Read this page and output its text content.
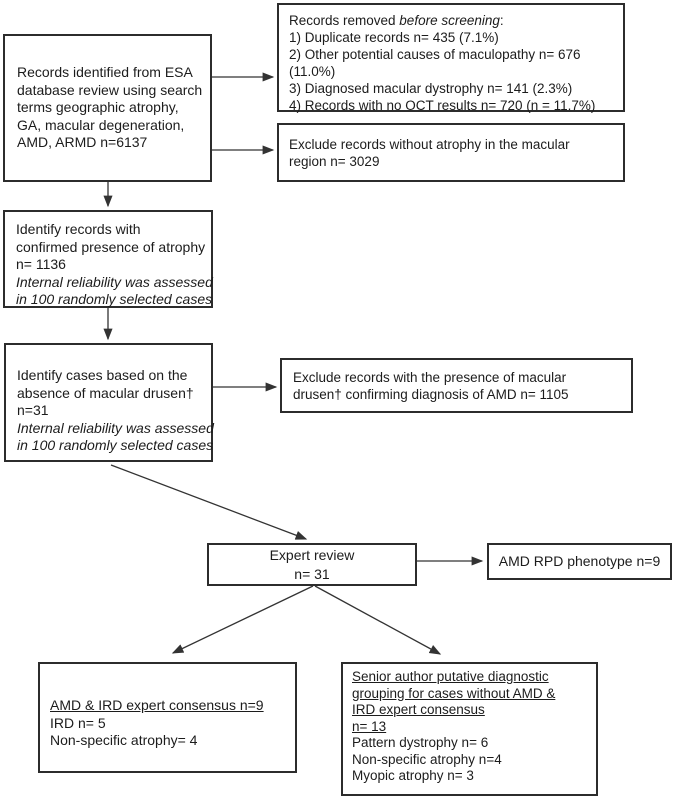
Records identified from ESA
database review using search
terms geographic atrophy,
GA, macular degeneration,
AMD, ARMD n=6137
Records removed before screening:
1) Duplicate records n= 435 (7.1%)
2) Other potential causes of maculopathy n= 676
(11.0%)
3) Diagnosed macular dystrophy n= 141 (2.3%)
4) Records with no OCT results n= 720 (n = 11.7%)
Exclude records without atrophy in the macular
region n= 3029
Identify records with
confirmed presence of atrophy
n= 1136
Internal reliability was assessed
in 100 randomly selected cases
Identify cases based on the
absence of macular drusen†
n=31
Internal reliability was assessed
in 100 randomly selected cases
Exclude records with the presence of macular
drusen† confirming diagnosis of AMD n= 1105
Expert review
n= 31
AMD RPD phenotype n=9
AMD & IRD expert consensus n=9
IRD n= 5
Non-specific atrophy= 4
Senior author putative diagnostic
grouping for cases without AMD &
IRD expert consensus
n= 13
Pattern dystrophy n= 6
Non-specific atrophy n=4
Myopic atrophy n= 3
